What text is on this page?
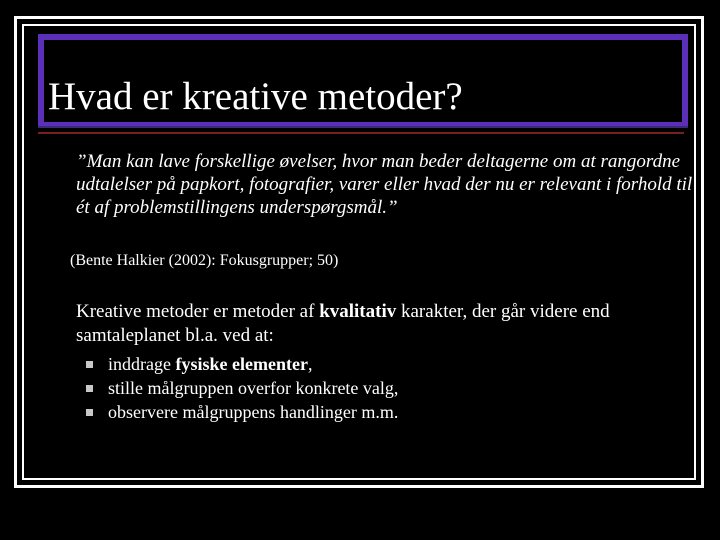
Hvad er kreative metoder?
”Man kan lave forskellige øvelser, hvor man beder deltagerne om at rangordne udtalelser på papkort, fotografier, varer eller hvad der nu er relevant i forhold til ét af problemstillingens underspørgsmål.”
(Bente Halkier (2002): Fokusgrupper; 50)
Kreative metoder er metoder af kvalitativ karakter, der går videre end samtaleplanet bl.a. ved at:
inddrage fysiske elementer,
stille målgruppen overfor konkrete valg,
observere målgruppens handlinger m.m.
